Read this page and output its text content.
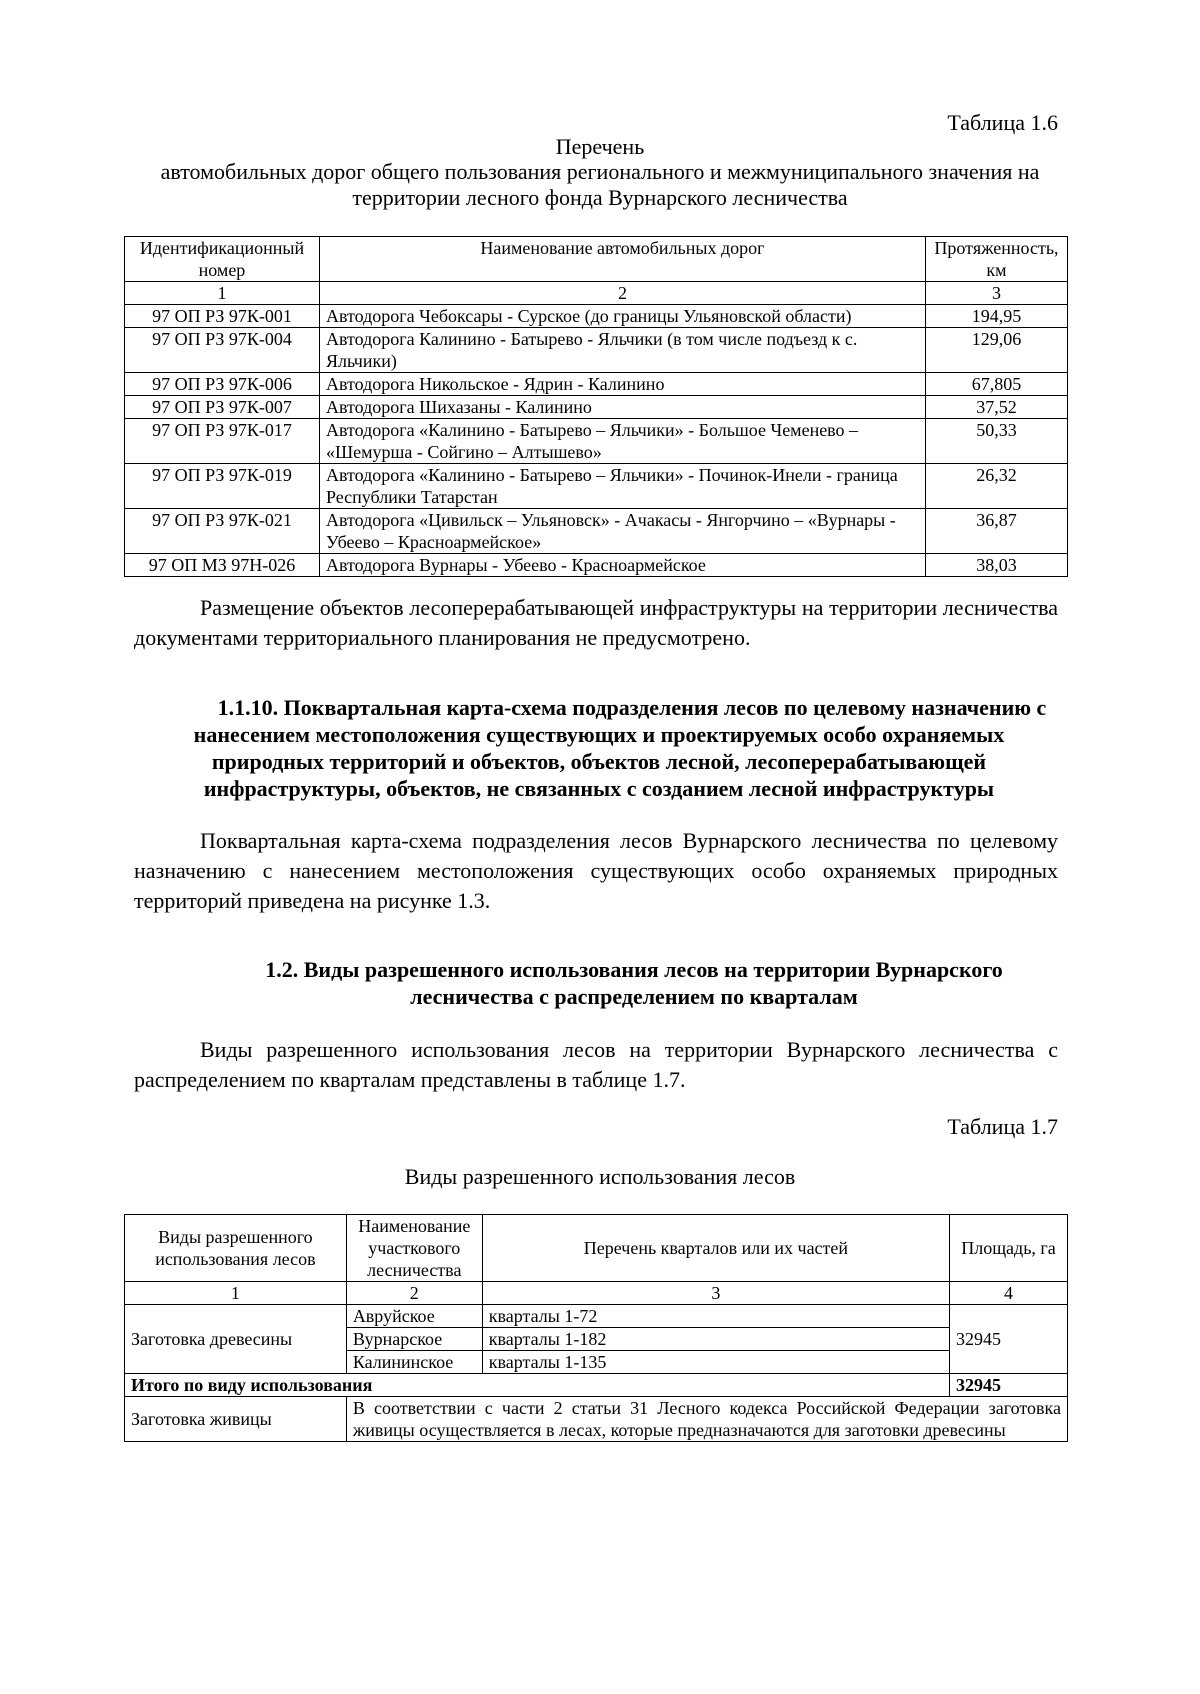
Таблица 1.6
Перечень
автомобильных дорог общего пользования регионального и межмуниципального значения на
территории лесного фонда Вурнарского лесничества
Идентификационный номер	Наименование автомобильных дорог	Протяженность, км
1	2	3
97 ОП РЗ 97К-001	Автодорога Чебоксары - Сурское (до границы Ульяновской области)	194,95
97 ОП РЗ 97К-004	Автодорога Калинино - Батырево - Яльчики (в том числе подъезд к с. Яльчики)	129,06
97 ОП РЗ 97К-006	Автодорога Никольское - Ядрин - Калинино	67,805
97 ОП РЗ 97К-007	Автодорога Шихазаны - Калинино	37,52
97 ОП РЗ 97К-017	Автодорога «Калинино - Батырево – Яльчики» - Большое Чеменево – «Шемурша - Сойгино – Алтышево»	50,33
97 ОП РЗ 97К-019	Автодорога «Калинино - Батырево – Яльчики» - Починок-Инели - граница Республики Татарстан	26,32
97 ОП РЗ 97К-021	Автодорога «Цивильск – Ульяновск» - Ачакасы - Янгорчино – «Вурнары - Убеево – Красноармейское»	36,87
97 ОП МЗ 97Н-026	Автодорога Вурнары - Убеево - Красноармейское	38,03
Размещение объектов лесоперерабатывающей инфраструктуры на территории лесничества документами территориального планирования не предусмотрено.
1.1.10. Поквартальная карта-схема подразделения лесов по целевому назначению с нанесением местоположения существующих и проектируемых особо охраняемых природных территорий и объектов, объектов лесной, лесоперерабатывающей инфраструктуры, объектов, не связанных с созданием лесной инфраструктуры
Поквартальная карта-схема подразделения лесов Вурнарского лесничества по целевому назначению с нанесением местоположения существующих особо охраняемых природных территорий приведена на рисунке 1.3.
1.2. Виды разрешенного использования лесов на территории Вурнарского лесничества с распределением по кварталам
Виды разрешенного использования лесов на территории Вурнарского лесничества с распределением по кварталам представлены в таблице 1.7.
Таблица 1.7
Виды разрешенного использования лесов
Виды разрешенного использования лесов	Наименование участкового лесничества	Перечень кварталов или их частей	Площадь, га
1	2	3	4
Заготовка древесины	Авруйское	кварталы 1-72	32945
	Вурнарское	кварталы 1-182	
	Калининское	кварталы 1-135	
Итого по виду использования			32945
Заготовка живицы	В соответствии с части 2 статьи 31 Лесного кодекса Российской Федерации заготовка живицы осуществляется в лесах, которые предназначаются для заготовки древесины		
